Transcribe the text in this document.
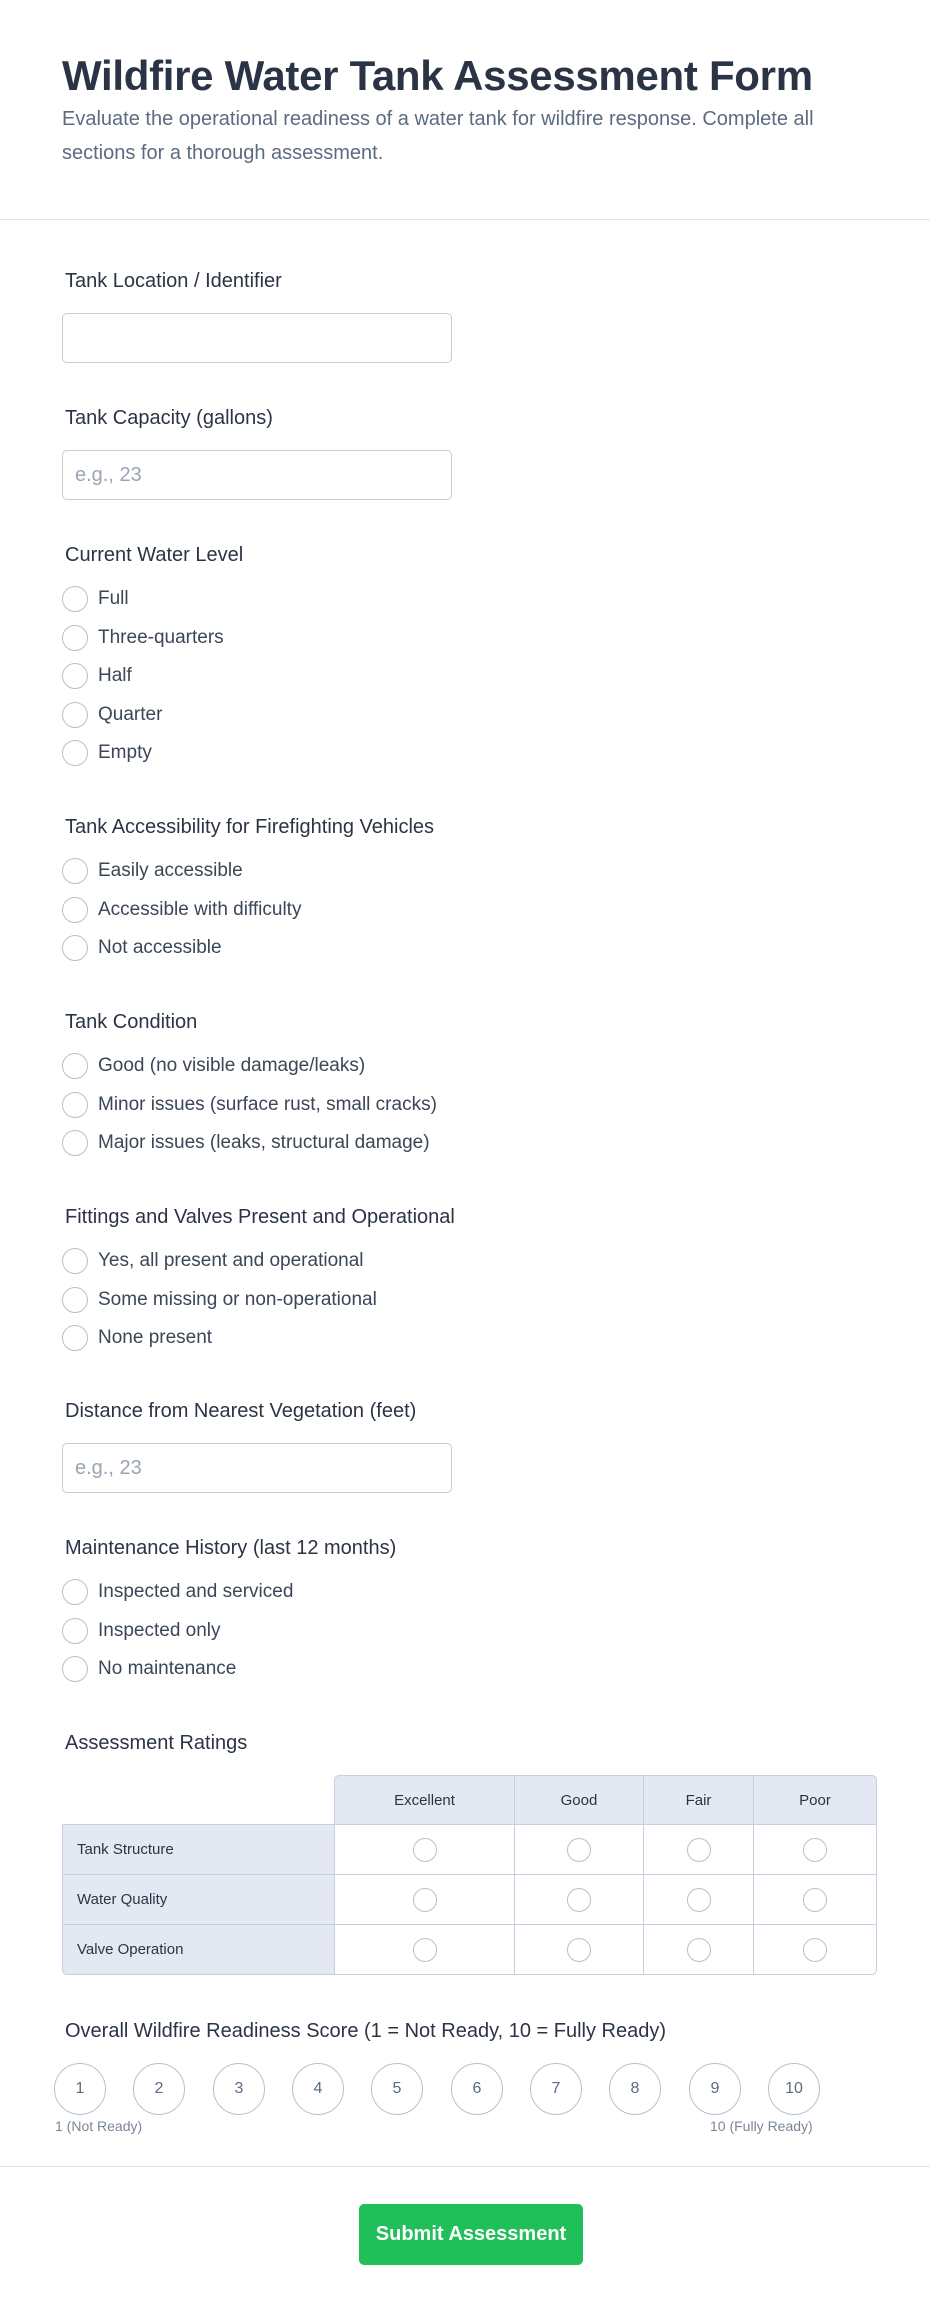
Wildfire Water Tank Assessment Form

Evaluate the operational readiness of a water tank for wildfire response. Complete all sections for a thorough assessment.

Tank Location / Identifier
Tank Capacity (gallons)
e.g., 23
Current Water Level
Full
Three-quarters
Half
Quarter
Empty
Tank Accessibility for Firefighting Vehicles
Easily accessible
Accessible with difficulty
Not accessible
Tank Condition
Good (no visible damage/leaks)
Minor issues (surface rust, small cracks)
Major issues (leaks, structural damage)
Fittings and Valves Present and Operational
Yes, all present and operational
Some missing or non-operational
None present
Distance from Nearest Vegetation (feet)
e.g., 23
Maintenance History (last 12 months)
Inspected and serviced
Inspected only
No maintenance
Assessment Ratings
Excellent	Good	Fair	Poor
Tank Structure
Water Quality
Valve Operation
Overall Wildfire Readiness Score (1 = Not Ready, 10 = Fully Ready)
1	2	3	4	5	6	7	8	9	10
1 (Not Ready)	10 (Fully Ready)
Submit Assessment
